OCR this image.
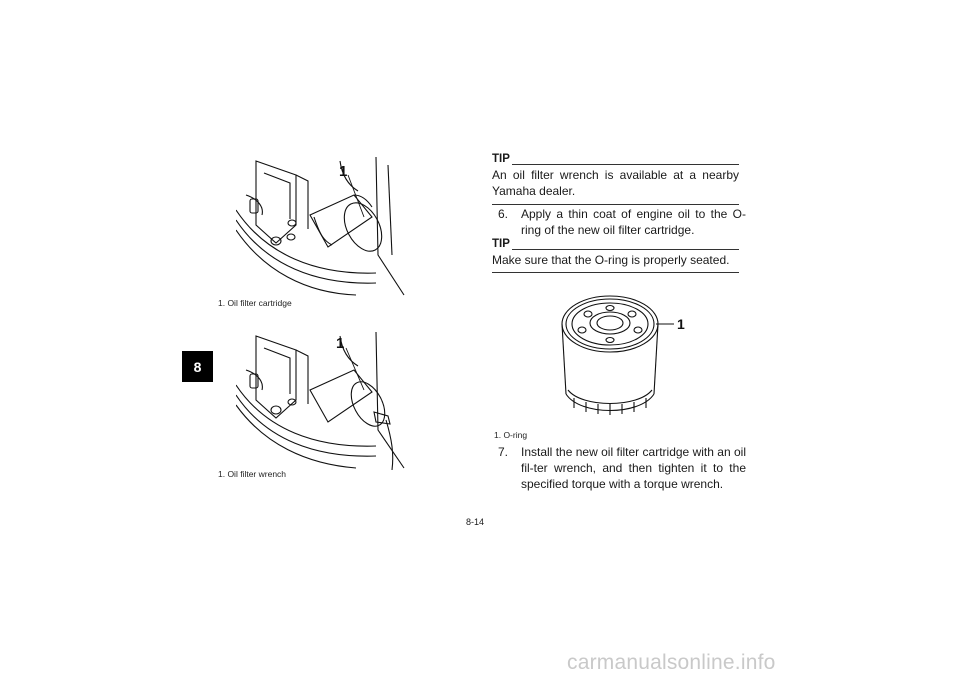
8
1
1. Oil filter cartridge
1
1. Oil filter wrench
TIP
An oil filter wrench is available at a nearby Yamaha dealer.
6. Apply a thin coat of engine oil to the O-ring of the new oil filter cartridge.
TIP
Make sure that the O-ring is properly seated.
1
1. O-ring
7. Install the new oil filter cartridge with an oil fil-ter wrench, and then tighten it to the specified torque with a torque wrench.
8-14
carmanualsonline.info
